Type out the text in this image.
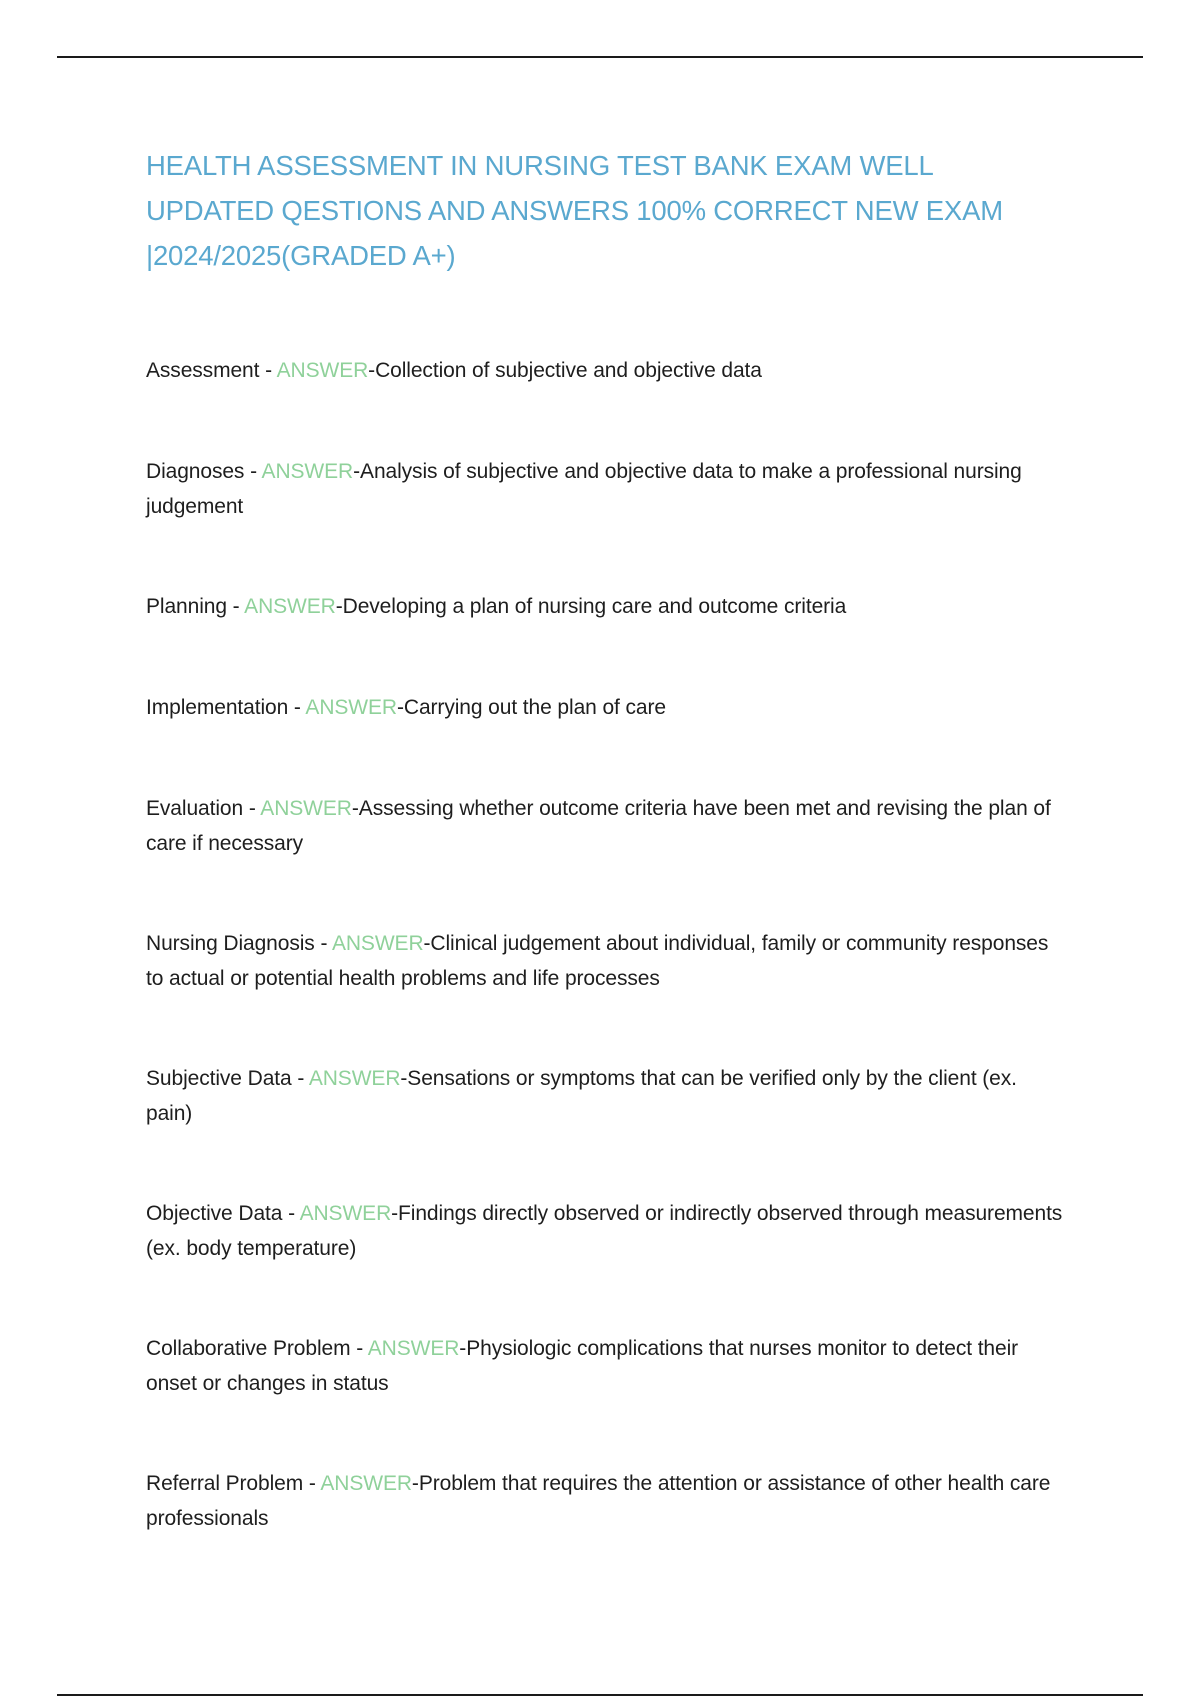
HEALTH ASSESSMENT IN NURSING TEST BANK EXAM WELL
UPDATED QESTIONS AND ANSWERS 100% CORRECT NEW EXAM
|2024/2025(GRADED A+)
Assessment - ANSWER-Collection of subjective and objective data
Diagnoses - ANSWER-Analysis of subjective and objective data to make a professional nursing judgement
Planning - ANSWER-Developing a plan of nursing care and outcome criteria
Implementation - ANSWER-Carrying out the plan of care
Evaluation - ANSWER-Assessing whether outcome criteria have been met and revising the plan of care if necessary
Nursing Diagnosis - ANSWER-Clinical judgement about individual, family or community responses to actual or potential health problems and life processes
Subjective Data - ANSWER-Sensations or symptoms that can be verified only by the client (ex. pain)
Objective Data - ANSWER-Findings directly observed or indirectly observed through measurements (ex. body temperature)
Collaborative Problem - ANSWER-Physiologic complications that nurses monitor to detect their onset or changes in status
Referral Problem - ANSWER-Problem that requires the attention or assistance of other health care professionals
